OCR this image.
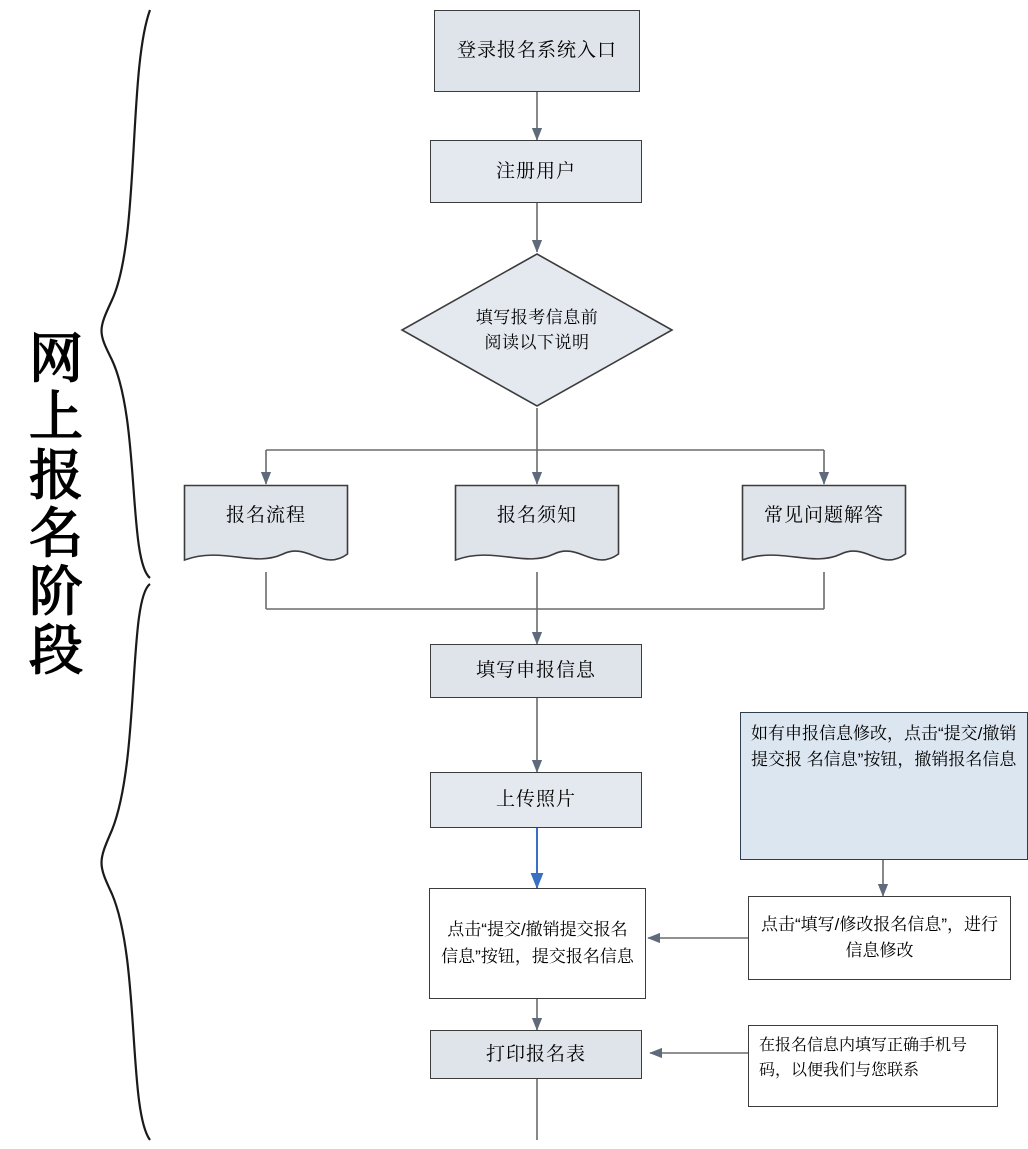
网上报名阶段
登录报名系统入口
注册用户
填写报考信息前
阅读以下说明
报名流程	报名须知	常见问题解答
填写申报信息
上传照片
点击“提交/撤销提交报名信息”按钮，提交报名信息
打印报名表
如有申报信息修改，点击“提交/撤销提交报 名信息”按钮，撤销报名信息
点击“填写/修改报名信息”，进行信息修改
在报名信息内填写正确手机号码，以便我们与您联系
